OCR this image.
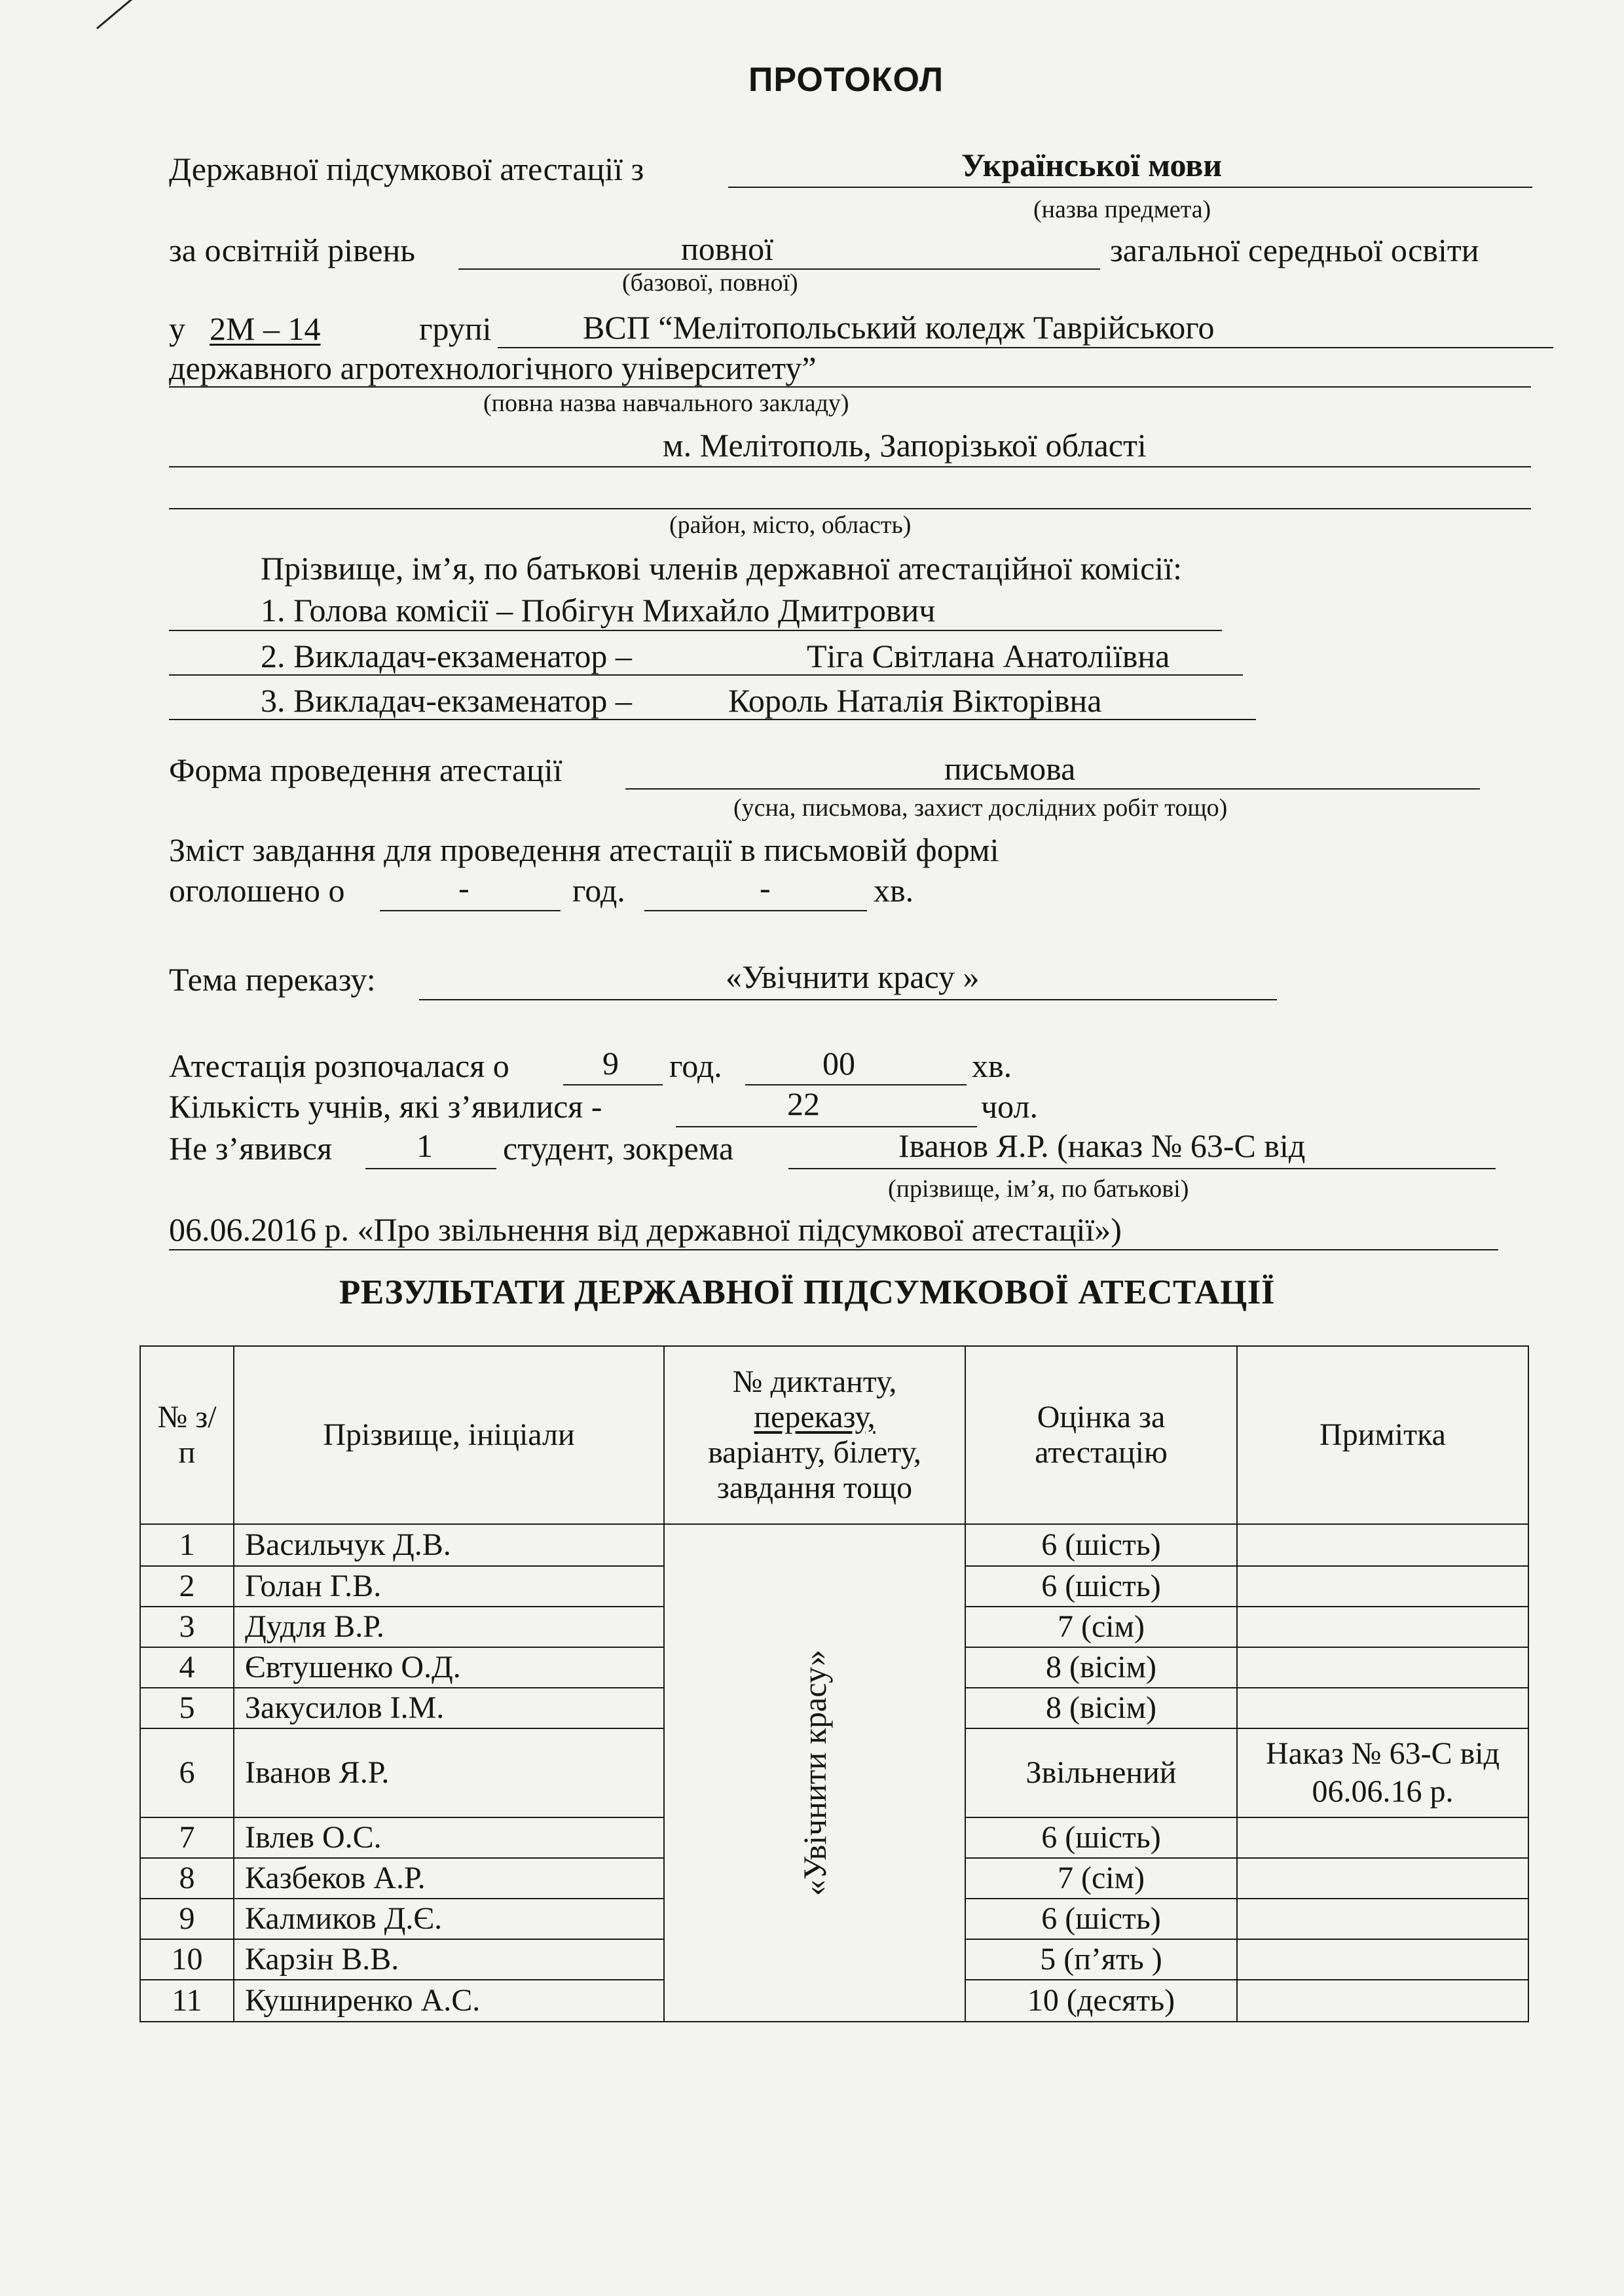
ПРОТОКОЛ
Державної підсумкової атестації з	Української мови
(назва предмета)
за освітній рівень	повної	загальної середньої освіти
(базової, повної)
у 2М – 14	групі	ВСП “Мелітопольський коледж Таврійського
державного агротехнологічного університету”
(повна назва навчального закладу)
м. Мелітополь, Запорізької області
(район, місто, область)
Прізвище, ім’я, по батькові членів державної атестаційної комісії:
1. Голова комісії – Побігун Михайло Дмитрович
2. Викладач-екзаменатор –	Тіга Світлана Анатоліївна
3. Викладач-екзаменатор –	Король Наталія Вікторівна
Форма проведення атестації	письмова
(усна, письмова, захист дослідних робіт тощо)
Зміст завдання для проведення атестації в письмовій формі
оголошено о	-	год.	-	хв.
Тема переказу:	«Увічнити красу »
Атестація розпочалася о	9 год.	00	хв.
Кількість учнів, які з’явилися -	22	чол.
Не з’явився	1 студент, зокрема	Іванов Я.Р. (наказ № 63-С від
(прізвище, ім’я, по батькові)
06.06.2016 р. «Про звільнення від державної підсумкової атестації»)
РЕЗУЛЬТАТИ ДЕРЖАВНОЇ ПІДСУМКОВОЇ АТЕСТАЦІЇ
№ з/п	Прізвище, ініціали	№ диктанту,
переказу,
варіанту, білету, завдання тощо	Оцінка за атестацію	Примітка
1	Васильчук Д.В.	«Увічнити красу»	6 (шість)	
2	Голан Г.В.		6 (шість)	
3	Дудля В.Р.		7 (сім)	
4	Євтушенко О.Д.		8 (вісім)	
5	Закусилов І.М.		8 (вісім)	
6	Іванов Я.Р.		Звільнений	Наказ № 63-С від 06.06.16 р.
7	Івлев О.С.		6 (шість)	
8	Казбеков А.Р.		7 (сім)	
9	Калмиков Д.Є.		6 (шість)	
10	Карзін В.В.		5 (п’ять )	
11	Кушниренко А.С.		10 (десять)	
